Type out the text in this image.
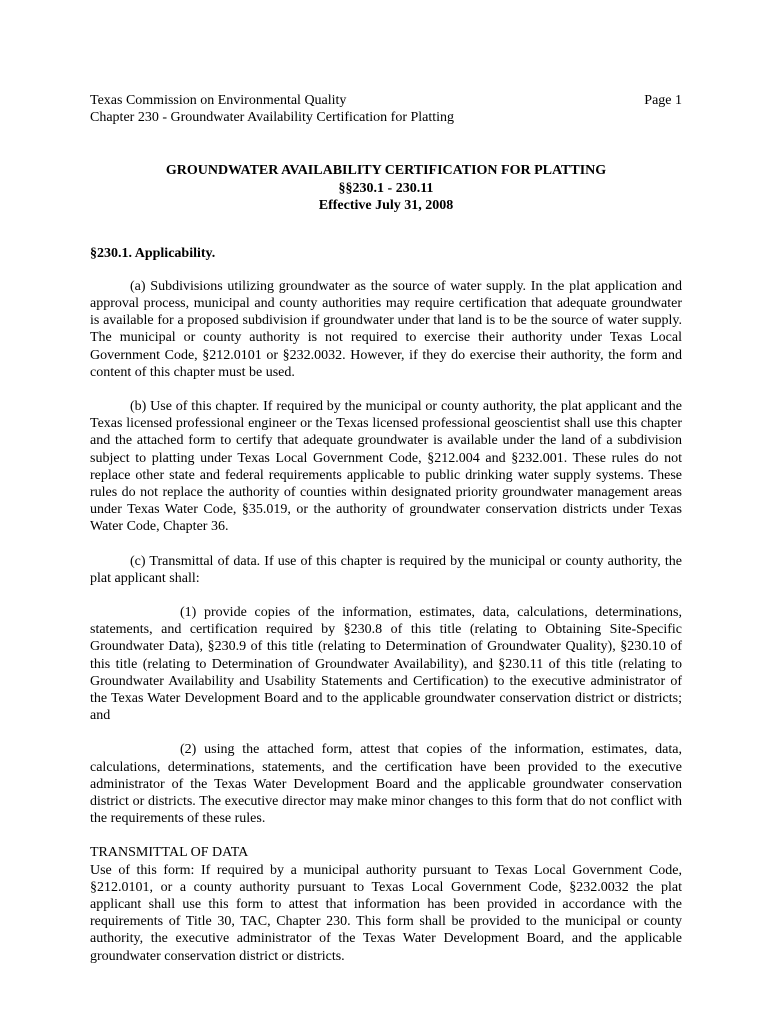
Texas Commission on Environmental Quality	Page 1
Chapter 230 - Groundwater Availability Certification for Platting
GROUNDWATER AVAILABILITY CERTIFICATION FOR PLATTING
§§230.1 - 230.11
Effective July 31, 2008
§230.1. Applicability.

(a) Subdivisions utilizing groundwater as the source of water supply. In the plat application and approval process, municipal and county authorities may require certification that adequate groundwater is available for a proposed subdivision if groundwater under that land is to be the source of water supply. The municipal or county authority is not required to exercise their authority under Texas Local Government Code, §212.0101 or §232.0032. However, if they do exercise their authority, the form and content of this chapter must be used.

(b) Use of this chapter. If required by the municipal or county authority, the plat applicant and the Texas licensed professional engineer or the Texas licensed professional geoscientist shall use this chapter and the attached form to certify that adequate groundwater is available under the land of a subdivision subject to platting under Texas Local Government Code, §212.004 and §232.001. These rules do not replace other state and federal requirements applicable to public drinking water supply systems. These rules do not replace the authority of counties within designated priority groundwater management areas under Texas Water Code, §35.019, or the authority of groundwater conservation districts under Texas Water Code, Chapter 36.

(c) Transmittal of data. If use of this chapter is required by the municipal or county authority, the plat applicant shall:

(1) provide copies of the information, estimates, data, calculations, determinations, statements, and certification required by §230.8 of this title (relating to Obtaining Site-Specific Groundwater Data), §230.9 of this title (relating to Determination of Groundwater Quality), §230.10 of this title (relating to Determination of Groundwater Availability), and §230.11 of this title (relating to Groundwater Availability and Usability Statements and Certification) to the executive administrator of the Texas Water Development Board and to the applicable groundwater conservation district or districts; and

(2) using the attached form, attest that copies of the information, estimates, data, calculations, determinations, statements, and the certification have been provided to the executive administrator of the Texas Water Development Board and the applicable groundwater conservation district or districts. The executive director may make minor changes to this form that do not conflict with the requirements of these rules.

TRANSMITTAL OF DATA

Use of this form: If required by a municipal authority pursuant to Texas Local Government Code, §212.0101, or a county authority pursuant to Texas Local Government Code, §232.0032 the plat applicant shall use this form to attest that information has been provided in accordance with the requirements of Title 30, TAC, Chapter 230. This form shall be provided to the municipal or county authority, the executive administrator of the Texas Water Development Board, and the applicable groundwater conservation district or districts.
